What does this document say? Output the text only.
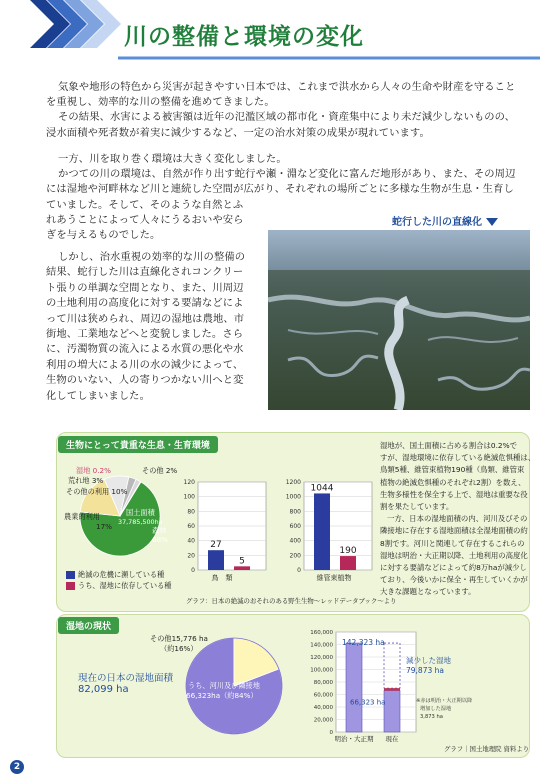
川の整備と環境の変化
気象や地形の特色から災害が起きやすい日本では、これまで洪水から人々の生命や財産を守ること
を重視し、効率的な川の整備を進めてきました。
その結果、水害による被害額は近年の氾濫区域の都市化・資産集中により未だ減少しないものの、
浸水面積や死者数が着実に減少するなど、一定の治水対策の成果が現れています。
一方、川を取り巻く環境は大きく変化しました。
かつての川の環境は、自然が作り出す蛇行や瀬・淵など変化に富んだ地形があり、また、その周辺
には湿地や河畔林など川と連続した空間が広がり、それぞれの場所ごとに多様な生物が生息・生育し
ていました。そして、そのような自然とふ
れあうことによって人々にうるおいや安ら
ぎを与えるものでした。
しかし、治水重視の効率的な川の整備の
結果、蛇行した川は直線化されコンクリー
ト張りの単調な空間となり、また、川周辺
の土地利用の高度化に対する要請などによ
って川は狭められ、周辺の湿地は農地、市
街地、工業地などへと変貌しました。さら
に、汚濁物質の流入による水質の悪化や水
利用の増大による川の水の減少によって、
生物のいない、人の寄りつかない川へと変
化してしまいました。
蛇行した川の直線化
生物にとって貴重な生息・生育環境
湿地 0.2%
荒れ地 3%
その他の利用 10%
その他 2%
農業的利用
17%
国土面積
37,785,500ha
森林
68%
絶滅の危機に瀕している種
うち、湿地に依存している種
0
20
40
60
80
100
120
27
5
鳥　類
0
200
400
600
800
1000
1200
1044
190
維管束植物
グラフ：日本の絶滅のおそれのある野生生物〜レッドデータブック〜より
湿地が、国土面積に占める割合は0.2%で
すが、湿地環境に依存している絶滅危惧種は、
鳥類5種、維管束植物190種（鳥類、維管束
植物の絶滅危惧種のそれぞれ2割）を数え、
生物多様性を保全する上で、湿地は重要な役
割を果たしています。
一方、日本の湿地面積の内、河川及びその
隣接地に存在する湿地面積は全湿地面積の約
8割です。河川と関連して存在するこれらの
湿地は明治・大正期以降、土地利用の高度化
に対する要請などによって約8万haが減少し
ており、今後いかに保全・再生していくかが
大きな課題となっています。
湿地の現状
現在の日本の湿地面積
82,099 ha
その他15,776 ha
（約16%）
うち、河川及び隣接地
66,323ha（約84%）
0
20,000
40,000
60,000
80,000
100,000
120,000
140,000
160,000
明治・大正期 現在
142,323 ha
減少した湿地
79,873 ha
66,323 ha	※赤は明治・大正期以降
増加した湿地
3,873 ha
グラフ｜国土地理院 資料より
2
